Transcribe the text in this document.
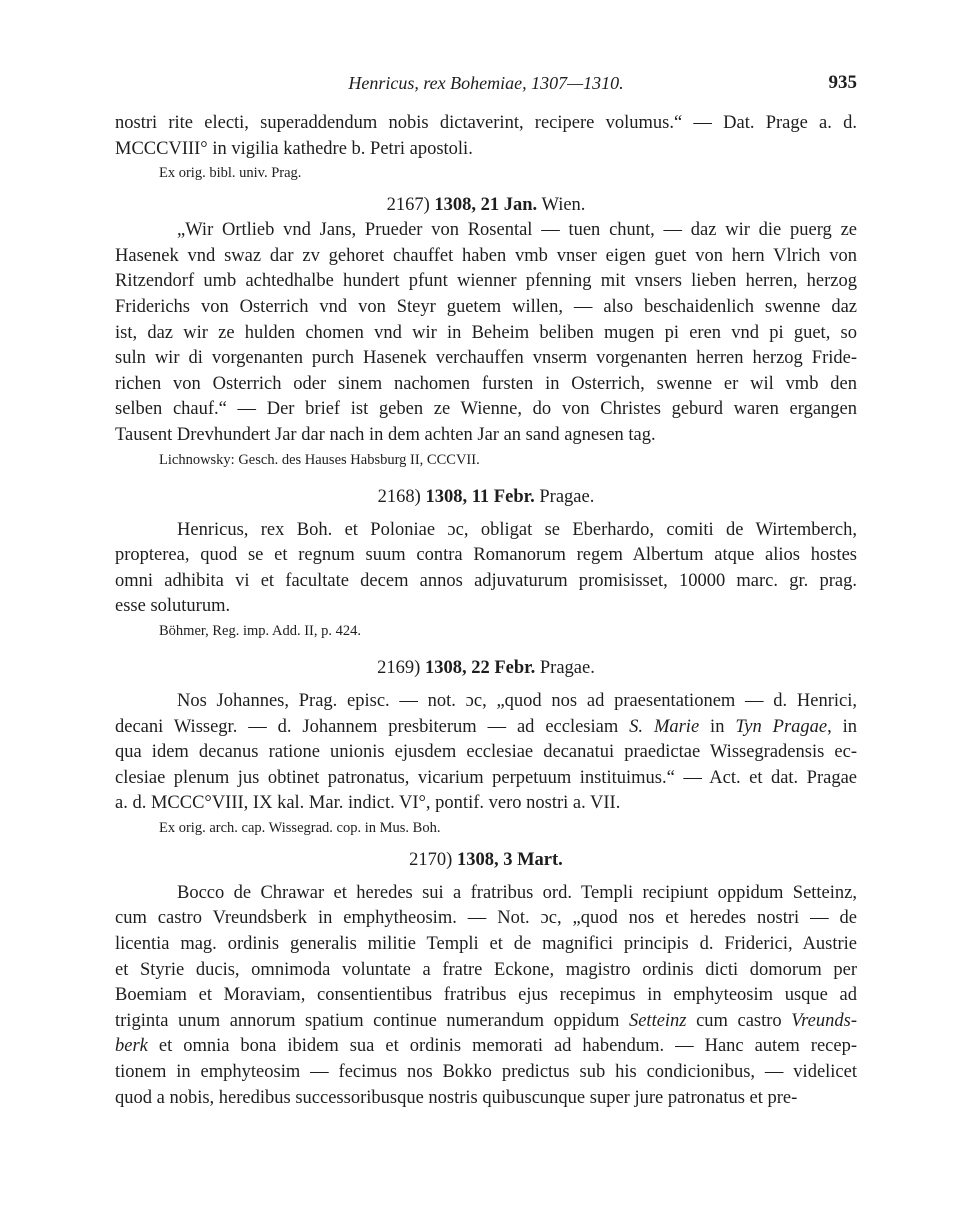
Henricus, rex Bohemiae, 1307—1310.	935
nostri rite electi, superaddendum nobis dictaverint, recipere volumus.“ — Dat. Prage a. d.
MCCCVIII° in vigilia kathedre b. Petri apostoli.
Ex orig. bibl. univ. Prag.
2167) 1308, 21 Jan. Wien.
„Wir Ortlieb vnd Jans, Prueder von Rosental — tuen chunt, — daz wir die puerg ze
Hasenek vnd swaz dar zv gehoret chauffet haben vmb vnser eigen guet von hern Vlrich von
Ritzendorf umb achtedhalbe hundert pfunt wienner pfenning mit vnsers lieben herren, herzog
Friderichs von Osterrich vnd von Steyr guetem willen, — also beschaidenlich swenne daz
ist, daz wir ze hulden chomen vnd wir in Beheim beliben mugen pi eren vnd pi guet, so
suln wir di vorgenanten purch Hasenek verchauffen vnserm vorgenanten herren herzog Fride-
richen von Osterrich oder sinem nachomen fursten in Osterrich, swenne er wil vmb den
selben chauf.“ — Der brief ist geben ze Wienne, do von Christes geburd waren ergangen
Tausent Drevhundert Jar dar nach in dem achten Jar an sand agnesen tag.
Lichnowsky: Gesch. des Hauses Habsburg II, CCCVII.
2168) 1308, 11 Febr. Pragae.
Henricus, rex Boh. et Poloniae ɔc, obligat se Eberhardo, comiti de Wirtemberch,
propterea, quod se et regnum suum contra Romanorum regem Albertum atque alios hostes
omni adhibita vi et facultate decem annos adjuvaturum promisisset, 10000 marc. gr. prag.
esse soluturum.
Böhmer, Reg. imp. Add. II, p. 424.
2169) 1308, 22 Febr. Pragae.
Nos Johannes, Prag. episc. — not. ɔc, „quod nos ad praesentationem — d. Henrici,
decani Wissegr. — d. Johannem presbiterum — ad ecclesiam S. Marie in Tyn Pragae, in
qua idem decanus ratione unionis ejusdem ecclesiae decanatui praedictae Wissegradensis ec-
clesiae plenum jus obtinet patronatus, vicarium perpetuum instituimus.“ — Act. et dat. Pragae
a. d. MCCC°VIII, IX kal. Mar. indict. VI°, pontif. vero nostri a. VII.
Ex orig. arch. cap. Wissegrad. cop. in Mus. Boh.
2170) 1308, 3 Mart.
Bocco de Chrawar et heredes sui a fratribus ord. Templi recipiunt oppidum Setteinz,
cum castro Vreundsberk in emphytheosim. — Not. ɔc, „quod nos et heredes nostri — de
licentia mag. ordinis generalis militie Templi et de magnifici principis d. Friderici, Austrie
et Styrie ducis, omnimoda voluntate a fratre Eckone, magistro ordinis dicti domorum per
Boemiam et Moraviam, consentientibus fratribus ejus recepimus in emphyteosim usque ad
triginta unum annorum spatium continue numerandum oppidum Setteinz cum castro Vreunds-
berk et omnia bona ibidem sua et ordinis memorati ad habendum. — Hanc autem recep-
tionem in emphyteosim — fecimus nos Bokko predictus sub his condicionibus, — videlicet
quod a nobis, heredibus successoribusque nostris quibuscunque super jure patronatus et pre-
